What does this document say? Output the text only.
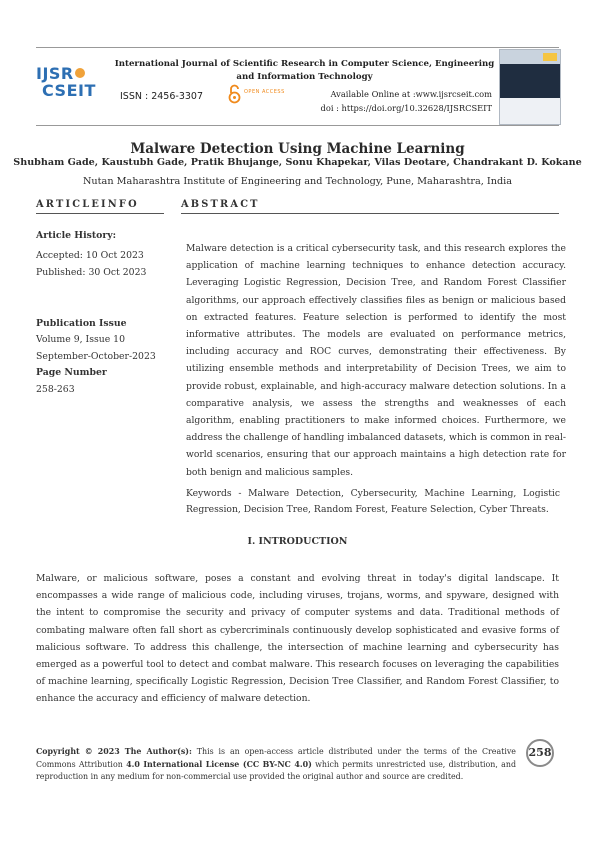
IJSR
CSEIT
International Journal of Scientific Research in Computer Science, Engineering and Information Technology
ISSN : 2456-3307	OPEN ACCESS	Available Online at :www.ijsrcseit.com
doi : https://doi.org/10.32628/IJSRCSEIT
Malware Detection Using Machine Learning
Shubham Gade, Kaustubh Gade, Pratik Bhujange, Sonu Khapekar, Vilas Deotare, Chandrakant D. Kokane
Nutan Maharashtra Institute of Engineering and Technology, Pune, Maharashtra, India
ARTICLEINFO	ABSTRACT
Article History:
Accepted: 10 Oct 2023
Published: 30 Oct 2023
Publication Issue
Volume 9, Issue 10
September-October-2023
Page Number
258-263
Malware detection is a critical cybersecurity task, and this research explores the application of machine learning techniques to enhance detection accuracy. Leveraging Logistic Regression, Decision Tree, and Random Forest Classifier algorithms, our approach effectively classifies files as benign or malicious based on extracted features. Feature selection is performed to identify the most informative attributes. The models are evaluated on performance metrics, including accuracy and ROC curves, demonstrating their effectiveness. By utilizing ensemble methods and interpretability of Decision Trees, we aim to provide robust, explainable, and high-accuracy malware detection solutions. In a comparative analysis, we assess the strengths and weaknesses of each algorithm, enabling practitioners to make informed choices. Furthermore, we address the challenge of handling imbalanced datasets, which is common in real-world scenarios, ensuring that our approach maintains a high detection rate for both benign and malicious samples.
Keywords - Malware Detection, Cybersecurity, Machine Learning, Logistic Regression, Decision Tree, Random Forest, Feature Selection, Cyber Threats.
I. INTRODUCTION
Malware, or malicious software, poses a constant and evolving threat in today's digital landscape. It encompasses a wide range of malicious code, including viruses, trojans, worms, and spyware, designed with the intent to compromise the security and privacy of computer systems and data. Traditional methods of combating malware often fall short as cybercriminals continuously develop sophisticated and evasive forms of malicious software. To address this challenge, the intersection of machine learning and cybersecurity has emerged as a powerful tool to detect and combat malware. This research focuses on leveraging the capabilities of machine learning, specifically Logistic Regression, Decision Tree Classifier, and Random Forest Classifier, to enhance the accuracy and efficiency of malware detection.
Copyright © 2023 The Author(s): This is an open-access article distributed under the terms of the Creative Commons Attribution 4.0 International License (CC BY-NC 4.0) which permits unrestricted use, distribution, and reproduction in any medium for non-commercial use provided the original author and source are credited.
258
